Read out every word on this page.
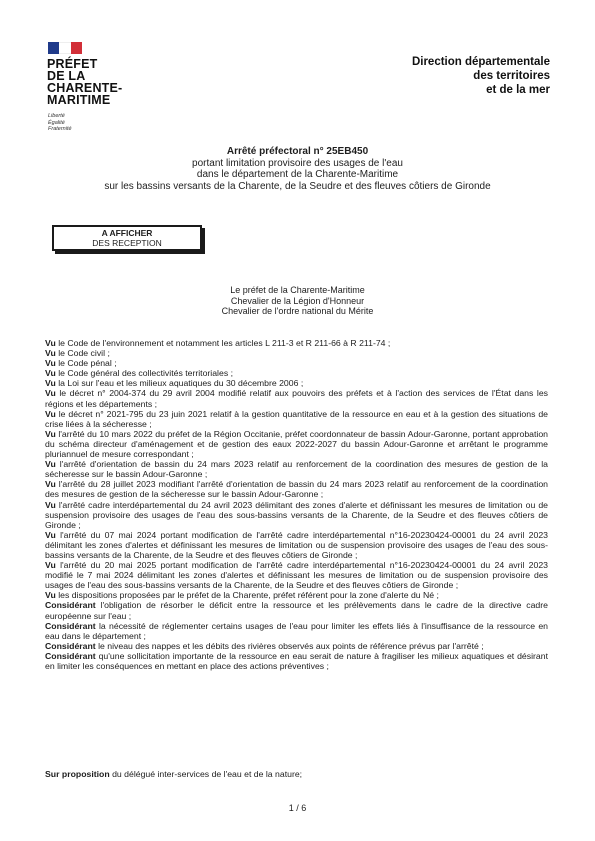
PRÉFET
DE LA
CHARENTE-
MARITIME
Liberté
Égalité
Fraternité
Direction départementale
des territoires
et de la mer
Arrêté préfectoral n° 25EB450
portant limitation provisoire des usages de l'eau
dans le département de la Charente-Maritime
sur les bassins versants de la Charente, de la Seudre et des fleuves côtiers de Gironde
A AFFICHER
DES RECEPTION
Le préfet de la Charente-Maritime
Chevalier de la Légion d'Honneur
Chevalier de l'ordre national du Mérite

Vu le Code de l'environnement et notamment les articles L 211-3 et R 211-66 à R 211-74 ;

Vu le Code civil ;

Vu le Code pénal ;

Vu le Code général des collectivités territoriales ;

Vu la Loi sur l'eau et les milieux aquatiques du 30 décembre 2006 ;

Vu le décret n° 2004-374 du 29 avril 2004 modifié relatif aux pouvoirs des préfets et à l'action des services de l'État dans les régions et les départements ;

Vu le décret n° 2021-795 du 23 juin 2021 relatif à la gestion quantitative de la ressource en eau et à la gestion des situations de crise liées à la sécheresse ;

Vu l'arrêté du 10 mars 2022 du préfet de la Région Occitanie, préfet coordonnateur de bassin Adour-Garonne, portant approbation du schéma directeur d'aménagement et de gestion des eaux 2022-2027 du bassin Adour-Garonne et arrêtant le programme pluriannuel de mesure correspondant ;

Vu l'arrêté d'orientation de bassin du 24 mars 2023 relatif au renforcement de la coordination des mesures de gestion de la sécheresse sur le bassin Adour-Garonne ;

Vu l'arrêté du 28 juillet 2023 modifiant l'arrêté d'orientation de bassin du 24 mars 2023 relatif au renforcement de la coordination des mesures de gestion de la sécheresse sur le bassin Adour-Garonne ;

Vu l'arrêté cadre interdépartemental du 24 avril 2023 délimitant des zones d'alerte et définissant les mesures de limitation ou de suspension provisoire des usages de l'eau des sous-bassins versants de la Charente, de la Seudre et des fleuves côtiers de Gironde ;

Vu l'arrêté du 07 mai 2024 portant modification de l'arrêté cadre interdépartemental n°16-20230424-00001 du 24 avril 2023 délimitant les zones d'alertes et définissant les mesures de limitation ou de suspension provisoire des usages de l'eau des sous-bassins versants de la Charente, de la Seudre et des fleuves côtiers de Gironde ;

Vu l'arrêté du 20 mai 2025 portant modification de l'arrêté cadre interdépartemental n°16-20230424-00001 du 24 avril 2023 modifié le 7 mai 2024 délimitant les zones d'alertes et définissant les mesures de limitation ou de suspension provisoire des usages de l'eau des sous-bassins versants de la Charente, de la Seudre et des fleuves côtiers de Gironde ;

Vu les dispositions proposées par le préfet de la Charente, préfet référent pour la zone d'alerte du Né ;

Considérant l'obligation de résorber le déficit entre la ressource et les prélèvements dans le cadre de la directive cadre européenne sur l'eau ;

Considérant la nécessité de réglementer certains usages de l'eau pour limiter les effets liés à l'insuffisance de la ressource en eau dans le département ;

Considérant le niveau des nappes et les débits des rivières observés aux points de référence prévus par l'arrêté ;

Considérant qu'une sollicitation importante de la ressource en eau serait de nature à fragiliser les milieux aquatiques et désirant en limiter les conséquences en mettant en place des actions préventives ;

Sur proposition du délégué inter-services de l'eau et de la nature;
1 / 6
